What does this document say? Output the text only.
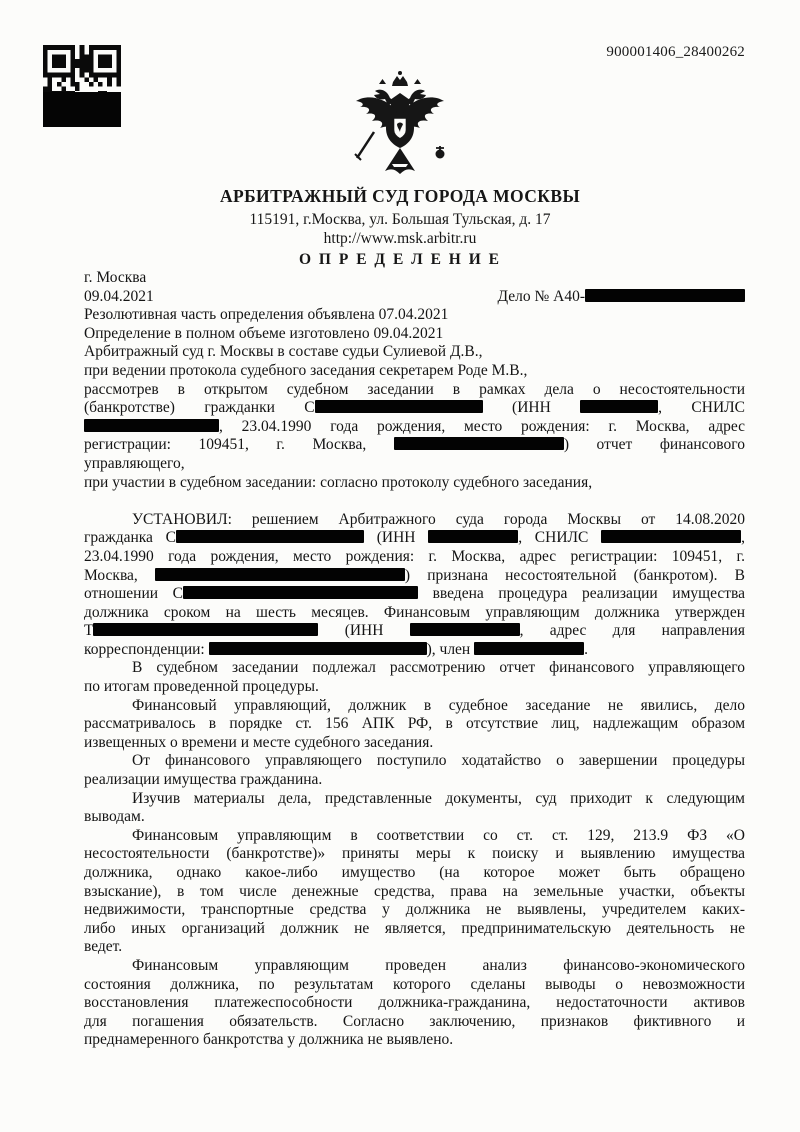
900001406_28400262
АРБИТРАЖНЫЙ СУД ГОРОДА МОСКВЫ
115191, г.Москва, ул. Большая Тульская, д. 17
http://www.msk.arbitr.ru
О П Р Е Д Е Л Е Н И Е
г. Москва
09.04.2021	Дело № А40-
Резолютивная часть определения объявлена 07.04.2021
Определение в полном объеме изготовлено 09.04.2021
Арбитражный суд г. Москвы в составе судьи Сулиевой Д.В.,
при ведении протокола судебного заседания секретарем Роде М.В.,
рассмотрев в открытом судебном заседании в рамках дела о несостоятельности
(банкротстве) гражданки С	(ИНН	, СНИЛС
, 23.04.1990 года рождения, место рождения: г. Москва, адрес
регистрации: 109451, г. Москва,	) отчет финансового
управляющего,
при участии в судебном заседании: согласно протоколу судебного заседания,
УСТАНОВИЛ: решением Арбитражного суда города Москвы от 14.08.2020
гражданка С	(ИНН	, СНИЛС	,
23.04.1990 года рождения, место рождения: г. Москва, адрес регистрации: 109451, г.
Москва,	) признана несостоятельной (банкротом). В
отношении С	введена процедура реализации имущества
должника сроком на шесть месяцев. Финансовым управляющим должника утвержден
Т	(ИНН	, адрес для направления
корреспонденции:	), член	.
В судебном заседании подлежал рассмотрению отчет финансового управляющего
по итогам проведенной процедуры.
Финансовый управляющий, должник в судебное заседание не явились, дело
рассматривалось в порядке ст. 156 АПК РФ, в отсутствие лиц, надлежащим образом
извещенных о времени и месте судебного заседания.
От финансового управляющего поступило ходатайство о завершении процедуры
реализации имущества гражданина.
Изучив материалы дела, представленные документы, суд приходит к следующим
выводам.
Финансовым управляющим в соответствии со ст. ст. 129, 213.9 ФЗ «О
несостоятельности (банкротстве)» приняты меры к поиску и выявлению имущества
должника, однако какое-либо имущество (на которое может быть обращено
взыскание), в том числе денежные средства, права на земельные участки, объекты
недвижимости, транспортные средства у должника не выявлены, учредителем каких-
либо иных организаций должник не является, предпринимательскую деятельность не
ведет.
Финансовым управляющим проведен анализ финансово-экономического
состояния должника, по результатам которого сделаны выводы о невозможности
восстановления платежеспособности должника-гражданина, недостаточности активов
для погашения обязательств. Согласно заключению, признаков фиктивного и
преднамеренного банкротства у должника не выявлено.
